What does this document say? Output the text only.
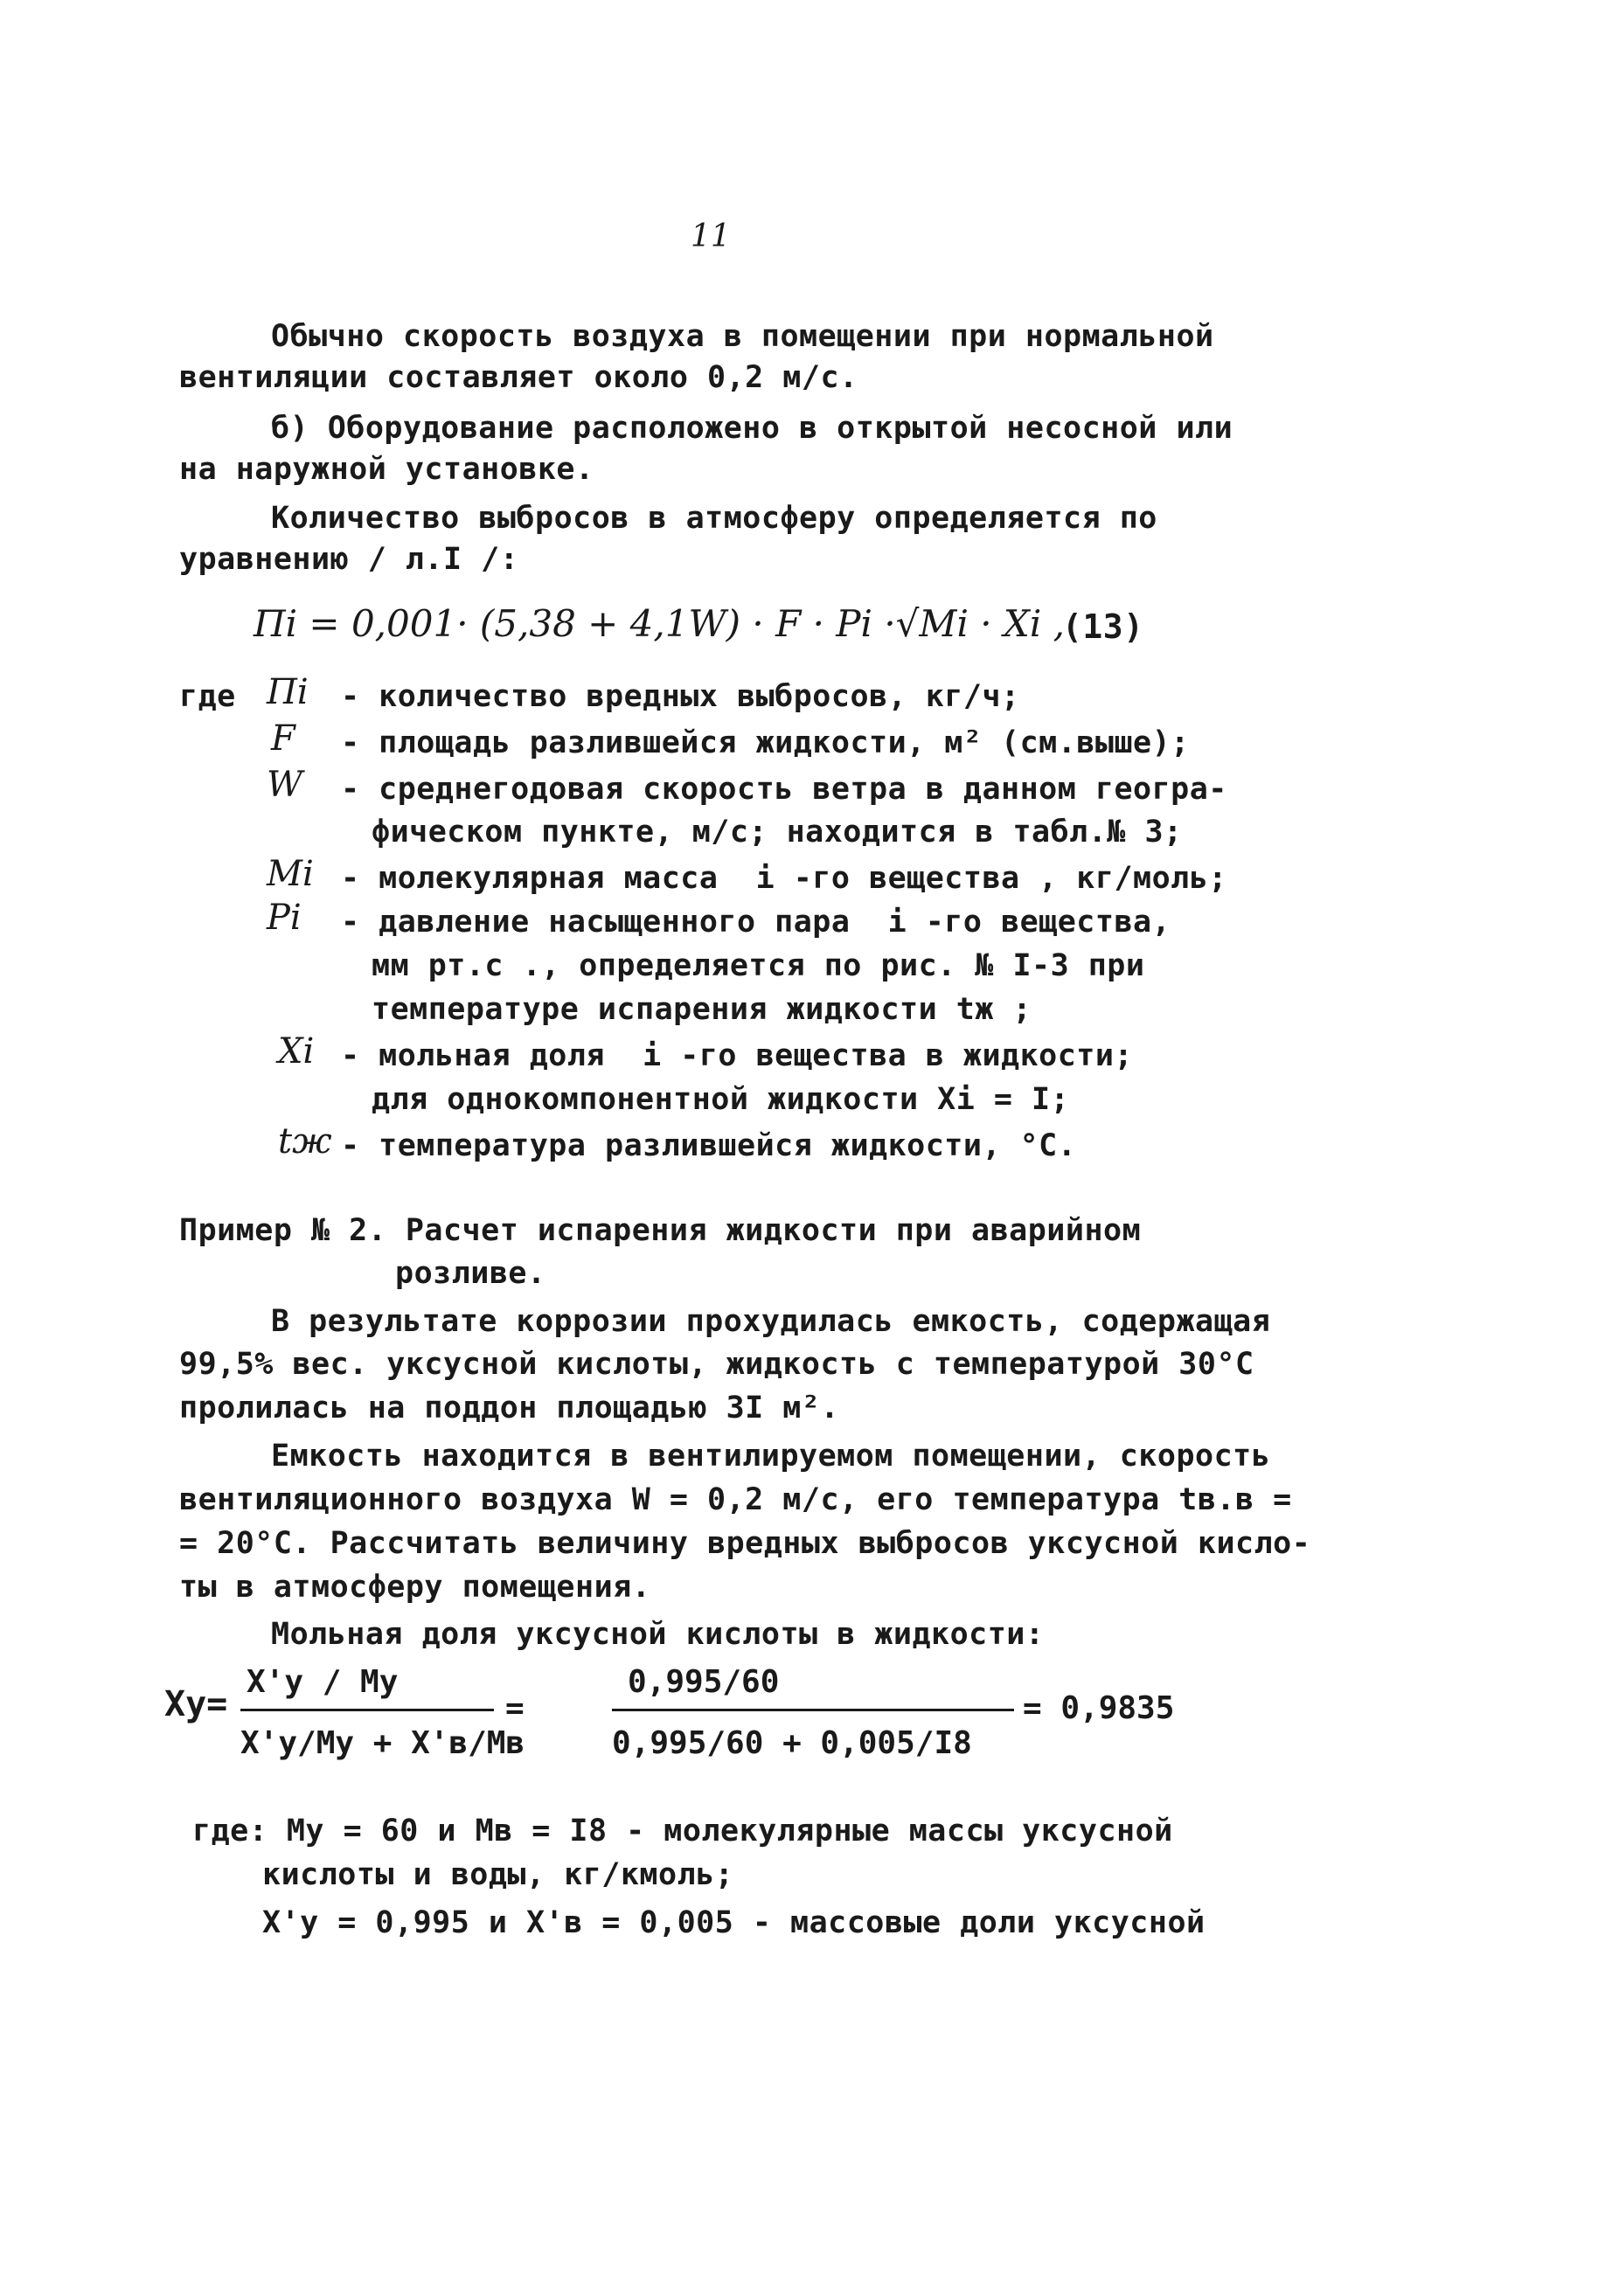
11
Обычно скорость воздуха в помещении при нормальной
вентиляции составляет около 0,2 м/с.
б) Оборудование расположено в открытой несосной или
на наружной установке.
Количество выбросов в атмосферу определяется по
уравнению / л.I /:
Пi = 0,001· (5,38 + 4,1W) · F · Pi ·√Mi · Xi ,
(13)
где Пi - количество вредных выбросов, кг/ч;
F - площадь разлившейся жидкости, м² (см.выше);
W - среднегодовая скорость ветра в данном геогра-
фическом пункте, м/с; находится в табл.№ 3;
Mi - молекулярная масса  i -го вещества , кг/моль;
Pi - давление насыщенного пара  i -го вещества,
мм рт.с ., определяется по рис. № I-3 при
температуре испарения жидкости tж ;
Xi - мольная доля  i -го вещества в жидкости;
для однокомпонентной жидкости Xi = I;
tж - температура разлившейся жидкости, °С.
Пример № 2. Расчет испарения жидкости при аварийном
розливе.
В результате коррозии прохудилась емкость, содержащая
99,5% вес. уксусной кислоты, жидкость с температурой 30°С
пролилась на поддон площадью 3I м².
Емкость находится в вентилируемом помещении, скорость
вентиляционного воздуха W = 0,2 м/с, его температура tв.в =
= 20°С. Рассчитать величину вредных выбросов уксусной кисло-
ты в атмосферу помещения.
Мольная доля уксусной кислоты в жидкости:
Xy=
X'y / My
X'y/My + X'в/Mв
=
0,995/60
0,995/60 + 0,005/I8
= 0,9835
где: My = 60 и Mв = I8 - молекулярные массы уксусной
кислоты и воды, кг/кмоль;
X'y = 0,995 и X'в = 0,005 - массовые доли уксусной
